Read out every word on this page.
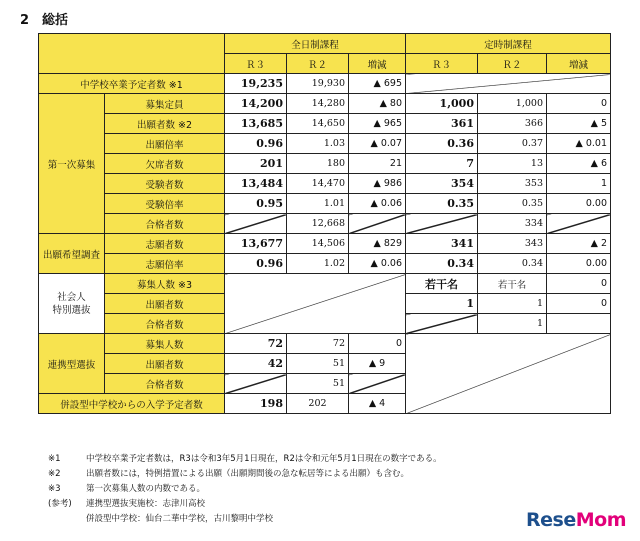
2　総括
		全日制課程			定時制課程		
		Ｒ３	Ｒ２	増減	Ｒ３	Ｒ２	増減
中学校卒業予定者数 ※1		19,235	19,930	▲ 695			
第一次募集	募集定員	14,200	14,280	▲ 80	1,000	1,000	0
	出願者数 ※2	13,685	14,650	▲ 965	361	366	▲ 5
	出願倍率	0.96	1.03	▲ 0.07	0.36	0.37	▲ 0.01
	欠席者数	201	180	21	7	13	▲ 6
	受験者数	13,484	14,470	▲ 986	354	353	1
	受験倍率	0.95	1.01	▲ 0.06	0.35	0.35	0.00
	合格者数		12,668			334	
出願希望調査	志願者数	13,677	14,506	▲ 829	341	343	▲ 2
	志願倍率	0.96	1.02	▲ 0.06	0.34	0.34	0.00
社会人
特別選抜	募集人数 ※3				若干名	若干名	0
	出願者数				1	1	0
	合格者数					1	
連携型選抜	募集人数	72	72	0			
	出願者数	42	51	▲ 9			
	合格者数		51				
併設型中学校からの入学予定者数		198	202	▲ 4			
※1	中学校卒業予定者数は，R3は令和3年5月1日現在，R2は令和元年5月1日現在の数字である。
※2	出願者数には，特例措置による出願（出願期間後の急な転居等による出願）も含む。
※3	第一次募集人数の内数である。
(参考) 連携型選抜実施校：志津川高校
併設型中学校：仙台二華中学校，古川黎明中学校	ReseMom
